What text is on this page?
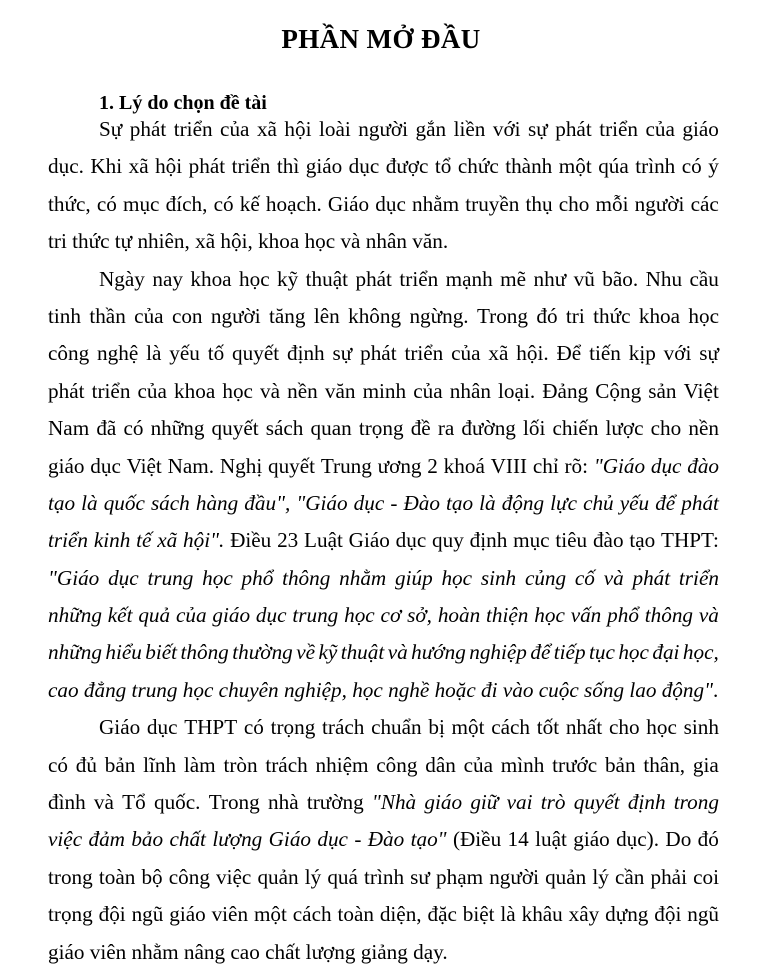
PHẦN MỞ ĐẦU
1. Lý do chọn đề tài
Sự phát triển của xã hội loài người gắn liền với sự phát triển của giáo
dục. Khi xã hội phát triển thì giáo dục được tổ chức thành một qúa trình có ý
thức, có mục đích, có kế hoạch. Giáo dục nhằm truyền thụ cho mỗi người các
tri thức tự nhiên, xã hội, khoa học và nhân văn.
Ngày nay khoa học kỹ thuật phát triển mạnh mẽ như vũ bão. Nhu cầu
tinh thần của con người tăng lên không ngừng. Trong đó tri thức khoa học
công nghệ là yếu tố quyết định sự phát triển của xã hội. Để tiến kịp với sự
phát triển của khoa học và nền văn minh của nhân loại. Đảng Cộng sản Việt
Nam đã có những quyết sách quan trọng đề ra đường lối chiến lược cho nền
giáo dục Việt Nam. Nghị quyết Trung ương 2 khoá VIII chỉ rõ: "Giáo dục đào
tạo là quốc sách hàng đầu", "Giáo dục - Đào tạo là động lực chủ yếu để phát
triển kinh tế xã hội". Điều 23 Luật Giáo dục quy định mục tiêu đào tạo THPT:
"Giáo dục trung học phổ thông nhằm giúp học sinh củng cố và phát triển
những kết quả của giáo dục trung học cơ sở, hoàn thiện học vấn phổ thông và
những hiểu biết thông thường về kỹ thuật và hướng nghiệp để tiếp tục học đại học,
cao đẳng trung học chuyên nghiệp, học nghề hoặc đi vào cuộc sống lao động".
Giáo dục THPT có trọng trách chuẩn bị một cách tốt nhất cho học sinh
có đủ bản lĩnh làm tròn trách nhiệm công dân của mình trước bản thân, gia
đình và Tổ quốc. Trong nhà trường "Nhà giáo giữ vai trò quyết định trong
việc đảm bảo chất lượng Giáo dục - Đào tạo" (Điều 14 luật giáo dục). Do đó
trong toàn bộ công việc quản lý quá trình sư phạm người quản lý cần phải coi
trọng đội ngũ giáo viên một cách toàn diện, đặc biệt là khâu xây dựng đội ngũ
giáo viên nhằm nâng cao chất lượng giảng dạy.
